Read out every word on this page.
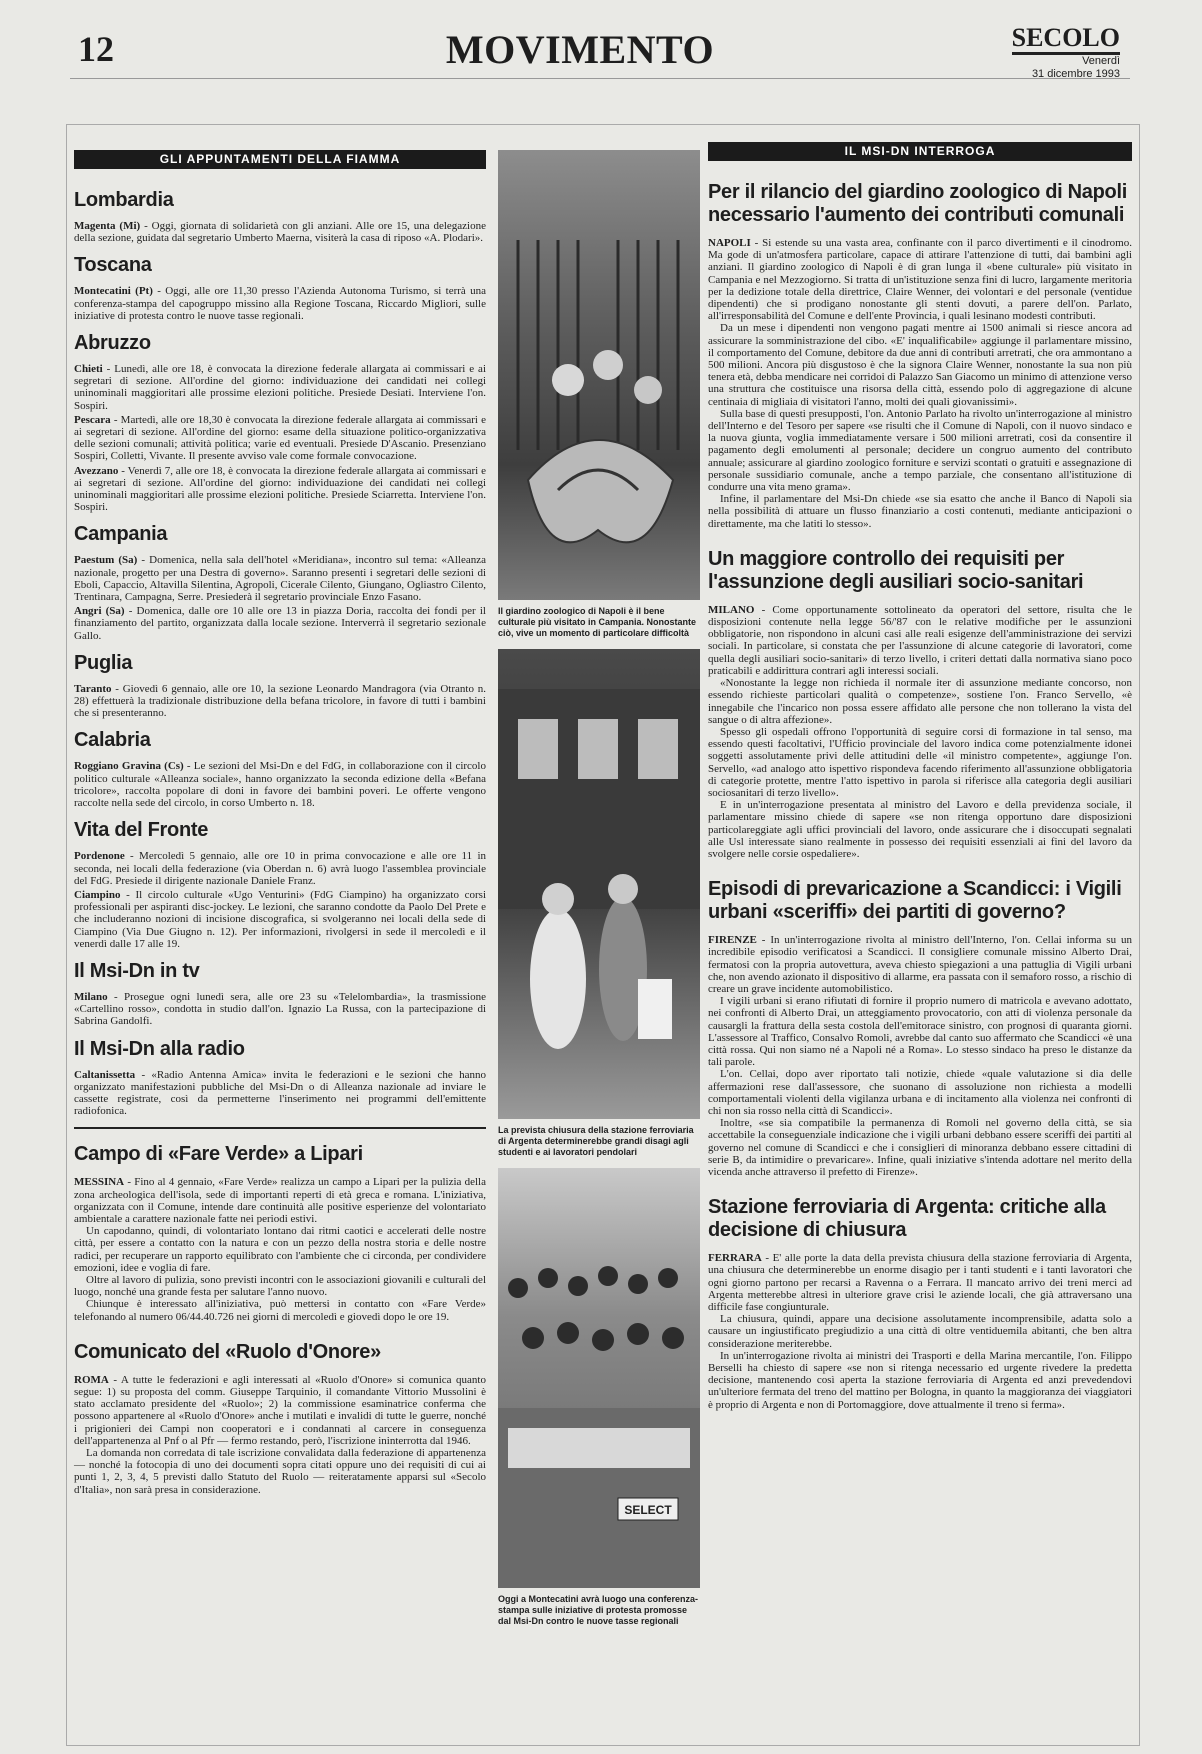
12	MOVIMENTO	SECOLO
Venerdì
31 dicembre 1993
GLI APPUNTAMENTI DELLA FIAMMA
Lombardia

Magenta (Mi) - Oggi, giornata di solidarietà con gli anziani. Alle ore 15, una delegazione della sezione, guidata dal segretario Umberto Maerna, visiterà la casa di riposo «A. Plodari».

Toscana

Montecatini (Pt) - Oggi, alle ore 11,30 presso l'Azienda Autonoma Turismo, si terrà una conferenza-stampa del capogruppo missino alla Regione Toscana, Riccardo Migliori, sulle iniziative di protesta contro le nuove tasse regionali.

Abruzzo

Chieti - Lunedì, alle ore 18, è convocata la direzione federale allargata ai commissari e ai segretari di sezione. All'ordine del giorno: individuazione dei candidati nei collegi uninominali maggioritari alle prossime elezioni politiche. Presiede Desiati. Interviene l'on. Sospiri.

Pescara - Martedì, alle ore 18,30 è convocata la direzione federale allargata ai commissari e ai segretari di sezione. All'ordine del giorno: esame della situazione politico-organizzativa delle sezioni comunali; attività politica; varie ed eventuali. Presiede D'Ascanio. Presenziano Sospiri, Colletti, Vivante. Il presente avviso vale come formale convocazione.

Avezzano - Venerdì 7, alle ore 18, è convocata la direzione federale allargata ai commissari e ai segretari di sezione. All'ordine del giorno: individuazione dei candidati nei collegi uninominali maggioritari alle prossime elezioni politiche. Presiede Sciarretta. Interviene l'on. Sospiri.

Campania

Paestum (Sa) - Domenica, nella sala dell'hotel «Meridiana», incontro sul tema: «Alleanza nazionale, progetto per una Destra di governo». Saranno presenti i segretari delle sezioni di Eboli, Capaccio, Altavilla Silentina, Agropoli, Cicerale Cilento, Giungano, Ogliastro Cilento, Trentinara, Campagna, Serre. Presiederà il segretario provinciale Enzo Fasano.

Angri (Sa) - Domenica, dalle ore 10 alle ore 13 in piazza Doria, raccolta dei fondi per il finanziamento del partito, organizzata dalla locale sezione. Interverrà il segretario sezionale Gallo.

Puglia

Taranto - Giovedì 6 gennaio, alle ore 10, la sezione Leonardo Mandragora (via Otranto n. 28) effettuerà la tradizionale distribuzione della befana tricolore, in favore di tutti i bambini che si presenteranno.

Calabria

Roggiano Gravina (Cs) - Le sezioni del Msi-Dn e del FdG, in collaborazione con il circolo politico culturale «Alleanza sociale», hanno organizzato la seconda edizione della «Befana tricolore», raccolta popolare di doni in favore dei bambini poveri. Le offerte vengono raccolte nella sede del circolo, in corso Umberto n. 18.

Vita del Fronte

Pordenone - Mercoledì 5 gennaio, alle ore 10 in prima convocazione e alle ore 11 in seconda, nei locali della federazione (via Oberdan n. 6) avrà luogo l'assemblea provinciale del FdG. Presiede il dirigente nazionale Daniele Franz.

Ciampino - Il circolo culturale «Ugo Venturini» (FdG Ciampino) ha organizzato corsi professionali per aspiranti disc-jockey. Le lezioni, che saranno condotte da Paolo Del Prete e che includeranno nozioni di incisione discografica, si svolgeranno nei locali della sede di Ciampino (Via Due Giugno n. 12). Per informazioni, rivolgersi in sede il mercoledì e il venerdì dalle 17 alle 19.

Il Msi-Dn in tv

Milano - Prosegue ogni lunedì sera, alle ore 23 su «Telelombardia», la trasmissione «Cartellino rosso», condotta in studio dall'on. Ignazio La Russa, con la partecipazione di Sabrina Gandolfi.

Il Msi-Dn alla radio

Caltanissetta - «Radio Antenna Amica» invita le federazioni e le sezioni che hanno organizzato manifestazioni pubbliche del Msi-Dn o di Alleanza nazionale ad inviare le cassette registrate, così da permetterne l'inserimento nei programmi dell'emittente radiofonica.

Campo di «Fare Verde» a Lipari

MESSINA - Fino al 4 gennaio, «Fare Verde» realizza un campo a Lipari per la pulizia della zona archeologica dell'isola, sede di importanti reperti di età greca e romana. L'iniziativa, organizzata con il Comune, intende dare continuità alle positive esperienze del volontariato ambientale a carattere nazionale fatte nei periodi estivi.

Un capodanno, quindi, di volontariato lontano dai ritmi caotici e accelerati delle nostre città, per essere a contatto con la natura e con un pezzo della nostra storia e delle nostre radici, per recuperare un rapporto equilibrato con l'ambiente che ci circonda, per condividere emozioni, idee e voglia di fare.

Oltre al lavoro di pulizia, sono previsti incontri con le associazioni giovanili e culturali del luogo, nonché una grande festa per salutare l'anno nuovo.

Chiunque è interessato all'iniziativa, può mettersi in contatto con «Fare Verde» telefonando al numero 06/44.40.726 nei giorni di mercoledì e giovedì dopo le ore 19.

Comunicato del «Ruolo d'Onore»

ROMA - A tutte le federazioni e agli interessati al «Ruolo d'Onore» si comunica quanto segue: 1) su proposta del comm. Giuseppe Tarquinio, il comandante Vittorio Mussolini è stato acclamato presidente del «Ruolo»; 2) la commissione esaminatrice conferma che possono appartenere al «Ruolo d'Onore» anche i mutilati e invalidi di tutte le guerre, nonché i prigionieri dei Campi non cooperatori e i condannati al carcere in conseguenza dell'appartenenza al Pnf o al Pfr — fermo restando, però, l'iscrizione ininterrotta dal 1946.

La domanda non corredata di tale iscrizione convalidata dalla federazione di appartenenza — nonché la fotocopia di uno dei documenti sopra citati oppure uno dei requisiti di cui ai punti 1, 2, 3, 4, 5 previsti dallo Statuto del Ruolo — reiteratamente apparsi sul «Secolo d'Italia», non sarà presa in considerazione.

Il giardino zoologico di Napoli è il bene culturale più visitato in Campania. Nonostante ciò, vive un momento di particolare difficoltà
La prevista chiusura della stazione ferroviaria di Argenta determinerebbe grandi disagi agli studenti e ai lavoratori pendolari
SELECT
Oggi a Montecatini avrà luogo una conferenza-stampa sulle iniziative di protesta promosse dal Msi-Dn contro le nuove tasse regionali
IL MSI-DN INTERROGA
Per il rilancio del giardino zoologico di Napoli necessario l'aumento dei contributi comunali

NAPOLI - Si estende su una vasta area, confinante con il parco divertimenti e il cinodromo. Ma gode di un'atmosfera particolare, capace di attirare l'attenzione di tutti, dai bambini agli anziani. Il giardino zoologico di Napoli è di gran lunga il «bene culturale» più visitato in Campania e nel Mezzogiorno. Si tratta di un'istituzione senza fini di lucro, largamente meritoria per la dedizione totale della direttrice, Claire Wenner, dei volontari e del personale (ventidue dipendenti) che si prodigano nonostante gli stenti dovuti, a parere dell'on. Parlato, all'irresponsabilità del Comune e dell'ente Provincia, i quali lesinano modesti contributi.

Da un mese i dipendenti non vengono pagati mentre ai 1500 animali si riesce ancora ad assicurare la somministrazione del cibo. «E' inqualificabile» aggiunge il parlamentare missino, il comportamento del Comune, debitore da due anni di contributi arretrati, che ora ammontano a 500 milioni. Ancora più disgustoso è che la signora Claire Wenner, nonostante la sua non più tenera età, debba mendicare nei corridoi di Palazzo San Giacomo un minimo di attenzione verso una struttura che costituisce una risorsa della città, essendo polo di aggregazione di alcune centinaia di migliaia di visitatori l'anno, molti dei quali giovanissimi».

Sulla base di questi presupposti, l'on. Antonio Parlato ha rivolto un'interrogazione al ministro dell'Interno e del Tesoro per sapere «se risulti che il Comune di Napoli, con il nuovo sindaco e la nuova giunta, voglia immediatamente versare i 500 milioni arretrati, così da consentire il pagamento degli emolumenti al personale; decidere un congruo aumento del contributo annuale; assicurare al giardino zoologico forniture e servizi scontati o gratuiti e assegnazione di personale sussidiario comunale, anche a tempo parziale, che consentano all'istituzione di condurre una vita meno grama».

Infine, il parlamentare del Msi-Dn chiede «se sia esatto che anche il Banco di Napoli sia nella possibilità di attuare un flusso finanziario a costi contenuti, mediante anticipazioni o direttamente, ma che latiti lo stesso».

Un maggiore controllo dei requisiti per l'assunzione degli ausiliari socio-sanitari

MILANO - Come opportunamente sottolineato da operatori del settore, risulta che le disposizioni contenute nella legge 56/'87 con le relative modifiche per le assunzioni obbligatorie, non rispondono in alcuni casi alle reali esigenze dell'amministrazione dei servizi sociali. In particolare, si constata che per l'assunzione di alcune categorie di lavoratori, come quella degli ausiliari socio-sanitari» di terzo livello, i criteri dettati dalla normativa siano poco praticabili e addirittura contrari agli interessi sociali.

«Nonostante la legge non richieda il normale iter di assunzione mediante concorso, non essendo richieste particolari qualità o competenze», sostiene l'on. Franco Servello, «è innegabile che l'incarico non possa essere affidato alle persone che non tollerano la vista del sangue o di altra affezione».

Spesso gli ospedali offrono l'opportunità di seguire corsi di formazione in tal senso, ma essendo questi facoltativi, l'Ufficio provinciale del lavoro indica come potenzialmente idonei soggetti assolutamente privi delle attitudini delle «il ministro competente», aggiunge l'on. Servello, «ad analogo atto ispettivo rispondeva facendo riferimento all'assunzione obbligatoria di categorie protette, mentre l'atto ispettivo in parola si riferisce alla categoria degli ausiliari sociosanitari di terzo livello».

E in un'interrogazione presentata al ministro del Lavoro e della previdenza sociale, il parlamentare missino chiede di sapere «se non ritenga opportuno dare disposizioni particolareggiate agli uffici provinciali del lavoro, onde assicurare che i disoccupati segnalati alle Usl interessate siano realmente in possesso dei requisiti essenziali ai fini del lavoro da svolgere nelle corsie ospedaliere».

Episodi di prevaricazione a Scandicci: i Vigili urbani «sceriffi» dei partiti di governo?

FIRENZE - In un'interrogazione rivolta al ministro dell'Interno, l'on. Cellai informa su un incredibile episodio verificatosi a Scandicci. Il consigliere comunale missino Alberto Drai, fermatosi con la propria autovettura, aveva chiesto spiegazioni a una pattuglia di Vigili urbani che, non avendo azionato il dispositivo di allarme, era passata con il semaforo rosso, a rischio di creare un grave incidente automobilistico.

I vigili urbani si erano rifiutati di fornire il proprio numero di matricola e avevano adottato, nei confronti di Alberto Drai, un atteggiamento provocatorio, con atti di violenza personale da causargli la frattura della sesta costola dell'emitorace sinistro, con prognosi di quaranta giorni. L'assessore al Traffico, Consalvo Romoli, avrebbe dal canto suo affermato che Scandicci «è una città rossa. Qui non siamo né a Napoli né a Roma». Lo stesso sindaco ha preso le distanze da tali parole.

L'on. Cellai, dopo aver riportato tali notizie, chiede «quale valutazione si dia delle affermazioni rese dall'assessore, che suonano di assoluzione non richiesta a modelli comportamentali violenti della vigilanza urbana e di incitamento alla violenza nei confronti di chi non sia rosso nella città di Scandicci».

Inoltre, «se sia compatibile la permanenza di Romoli nel governo della città, se sia accettabile la conseguenziale indicazione che i vigili urbani debbano essere sceriffi dei partiti al governo nel comune di Scandicci e che i consiglieri di minoranza debbano essere cittadini di serie B, da intimidire o prevaricare». Infine, quali iniziative s'intenda adottare nel merito della vicenda anche attraverso il prefetto di Firenze».

Stazione ferroviaria di Argenta: critiche alla decisione di chiusura

FERRARA - E' alle porte la data della prevista chiusura della stazione ferroviaria di Argenta, una chiusura che determinerebbe un enorme disagio per i tanti studenti e i tanti lavoratori che ogni giorno partono per recarsi a Ravenna o a Ferrara. Il mancato arrivo dei treni merci ad Argenta metterebbe altresì in ulteriore grave crisi le aziende locali, che già attraversano una difficile fase congiunturale.

La chiusura, quindi, appare una decisione assolutamente incomprensibile, adatta solo a causare un ingiustificato pregiudizio a una città di oltre ventiduemila abitanti, che ben altra considerazione meriterebbe.

In un'interrogazione rivolta ai ministri dei Trasporti e della Marina mercantile, l'on. Filippo Berselli ha chiesto di sapere «se non si ritenga necessario ed urgente rivedere la predetta decisione, mantenendo così aperta la stazione ferroviaria di Argenta ed anzi prevedendovi un'ulteriore fermata del treno del mattino per Bologna, in quanto la maggioranza dei viaggiatori è proprio di Argenta e non di Portomaggiore, dove attualmente il treno si ferma».
